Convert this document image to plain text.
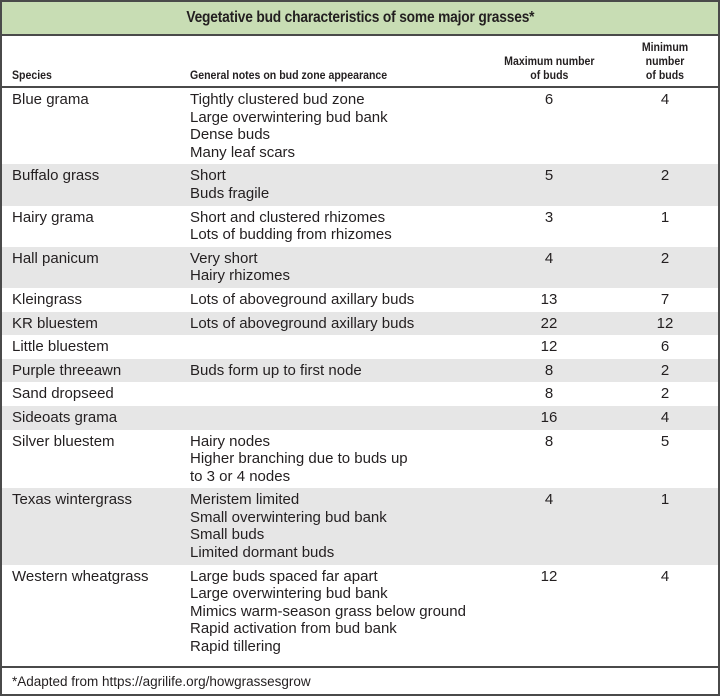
Vegetative bud characteristics of some major grasses*
Species	General notes on bud zone appearance	Maximum number
of buds	Minimum number
of buds
Blue grama	Tightly clustered bud zone
Large overwintering bud bank
Dense buds
Many leaf scars	6	4
Buffalo grass	Short
Buds fragile	5	2
Hairy grama	Short and clustered rhizomes
Lots of budding from rhizomes	3	1
Hall panicum	Very short
Hairy rhizomes	4	2
Kleingrass	Lots of aboveground axillary buds	13	7
KR bluestem	Lots of aboveground axillary buds	22	12
Little bluestem		12	6
Purple threeawn	Buds form up to first node	8	2
Sand dropseed		8	2
Sideoats grama		16	4
Silver bluestem	Hairy nodes
Higher branching due to buds up
to 3 or 4 nodes	8	5
Texas wintergrass	Meristem limited
Small overwintering bud bank
Small buds
Limited dormant buds	4	1
Western wheatgrass	Large buds spaced far apart
Large overwintering bud bank
Mimics warm-season grass below ground
Rapid activation from bud bank
Rapid tillering	12	4
*Adapted from https://agrilife.org/howgrassesgrow
